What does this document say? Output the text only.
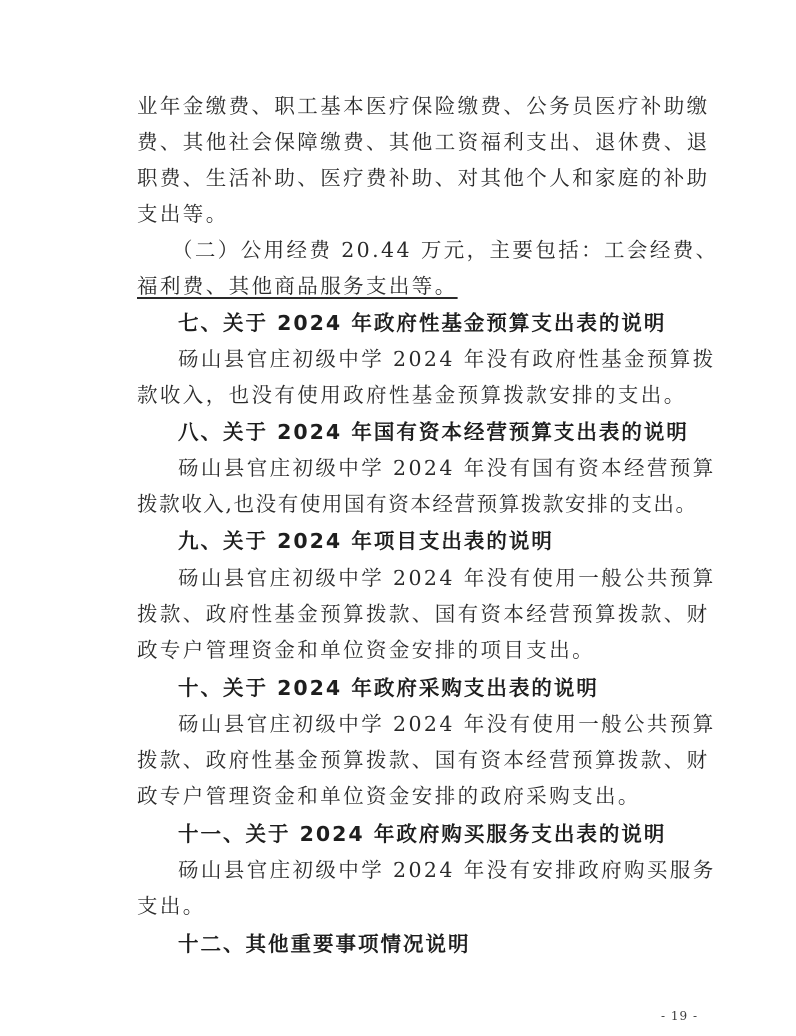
业年金缴费、职工基本医疗保险缴费、公务员医疗补助缴
费、其他社会保障缴费、其他工资福利支出、退休费、退
职费、生活补助、医疗费补助、对其他个人和家庭的补助
支出等。
（二）公用经费 20.44 万元，主要包括：工会经费、
福利费、其他商品服务支出等。
七、关于 2024 年政府性基金预算支出表的说明
砀山县官庄初级中学 2024 年没有政府性基金预算拨
款收入，也没有使用政府性基金预算拨款安排的支出。
八、关于 2024 年国有资本经营预算支出表的说明
砀山县官庄初级中学 2024 年没有国有资本经营预算
拨款收入,也没有使用国有资本经营预算拨款安排的支出。
九、关于 2024 年项目支出表的说明
砀山县官庄初级中学 2024 年没有使用一般公共预算
拨款、政府性基金预算拨款、国有资本经营预算拨款、财
政专户管理资金和单位资金安排的项目支出。
十、关于 2024 年政府采购支出表的说明
砀山县官庄初级中学 2024 年没有使用一般公共预算
拨款、政府性基金预算拨款、国有资本经营预算拨款、财
政专户管理资金和单位资金安排的政府采购支出。
十一、关于 2024 年政府购买服务支出表的说明
砀山县官庄初级中学 2024 年没有安排政府购买服务
支出。
十二、其他重要事项情况说明
- 19 -
